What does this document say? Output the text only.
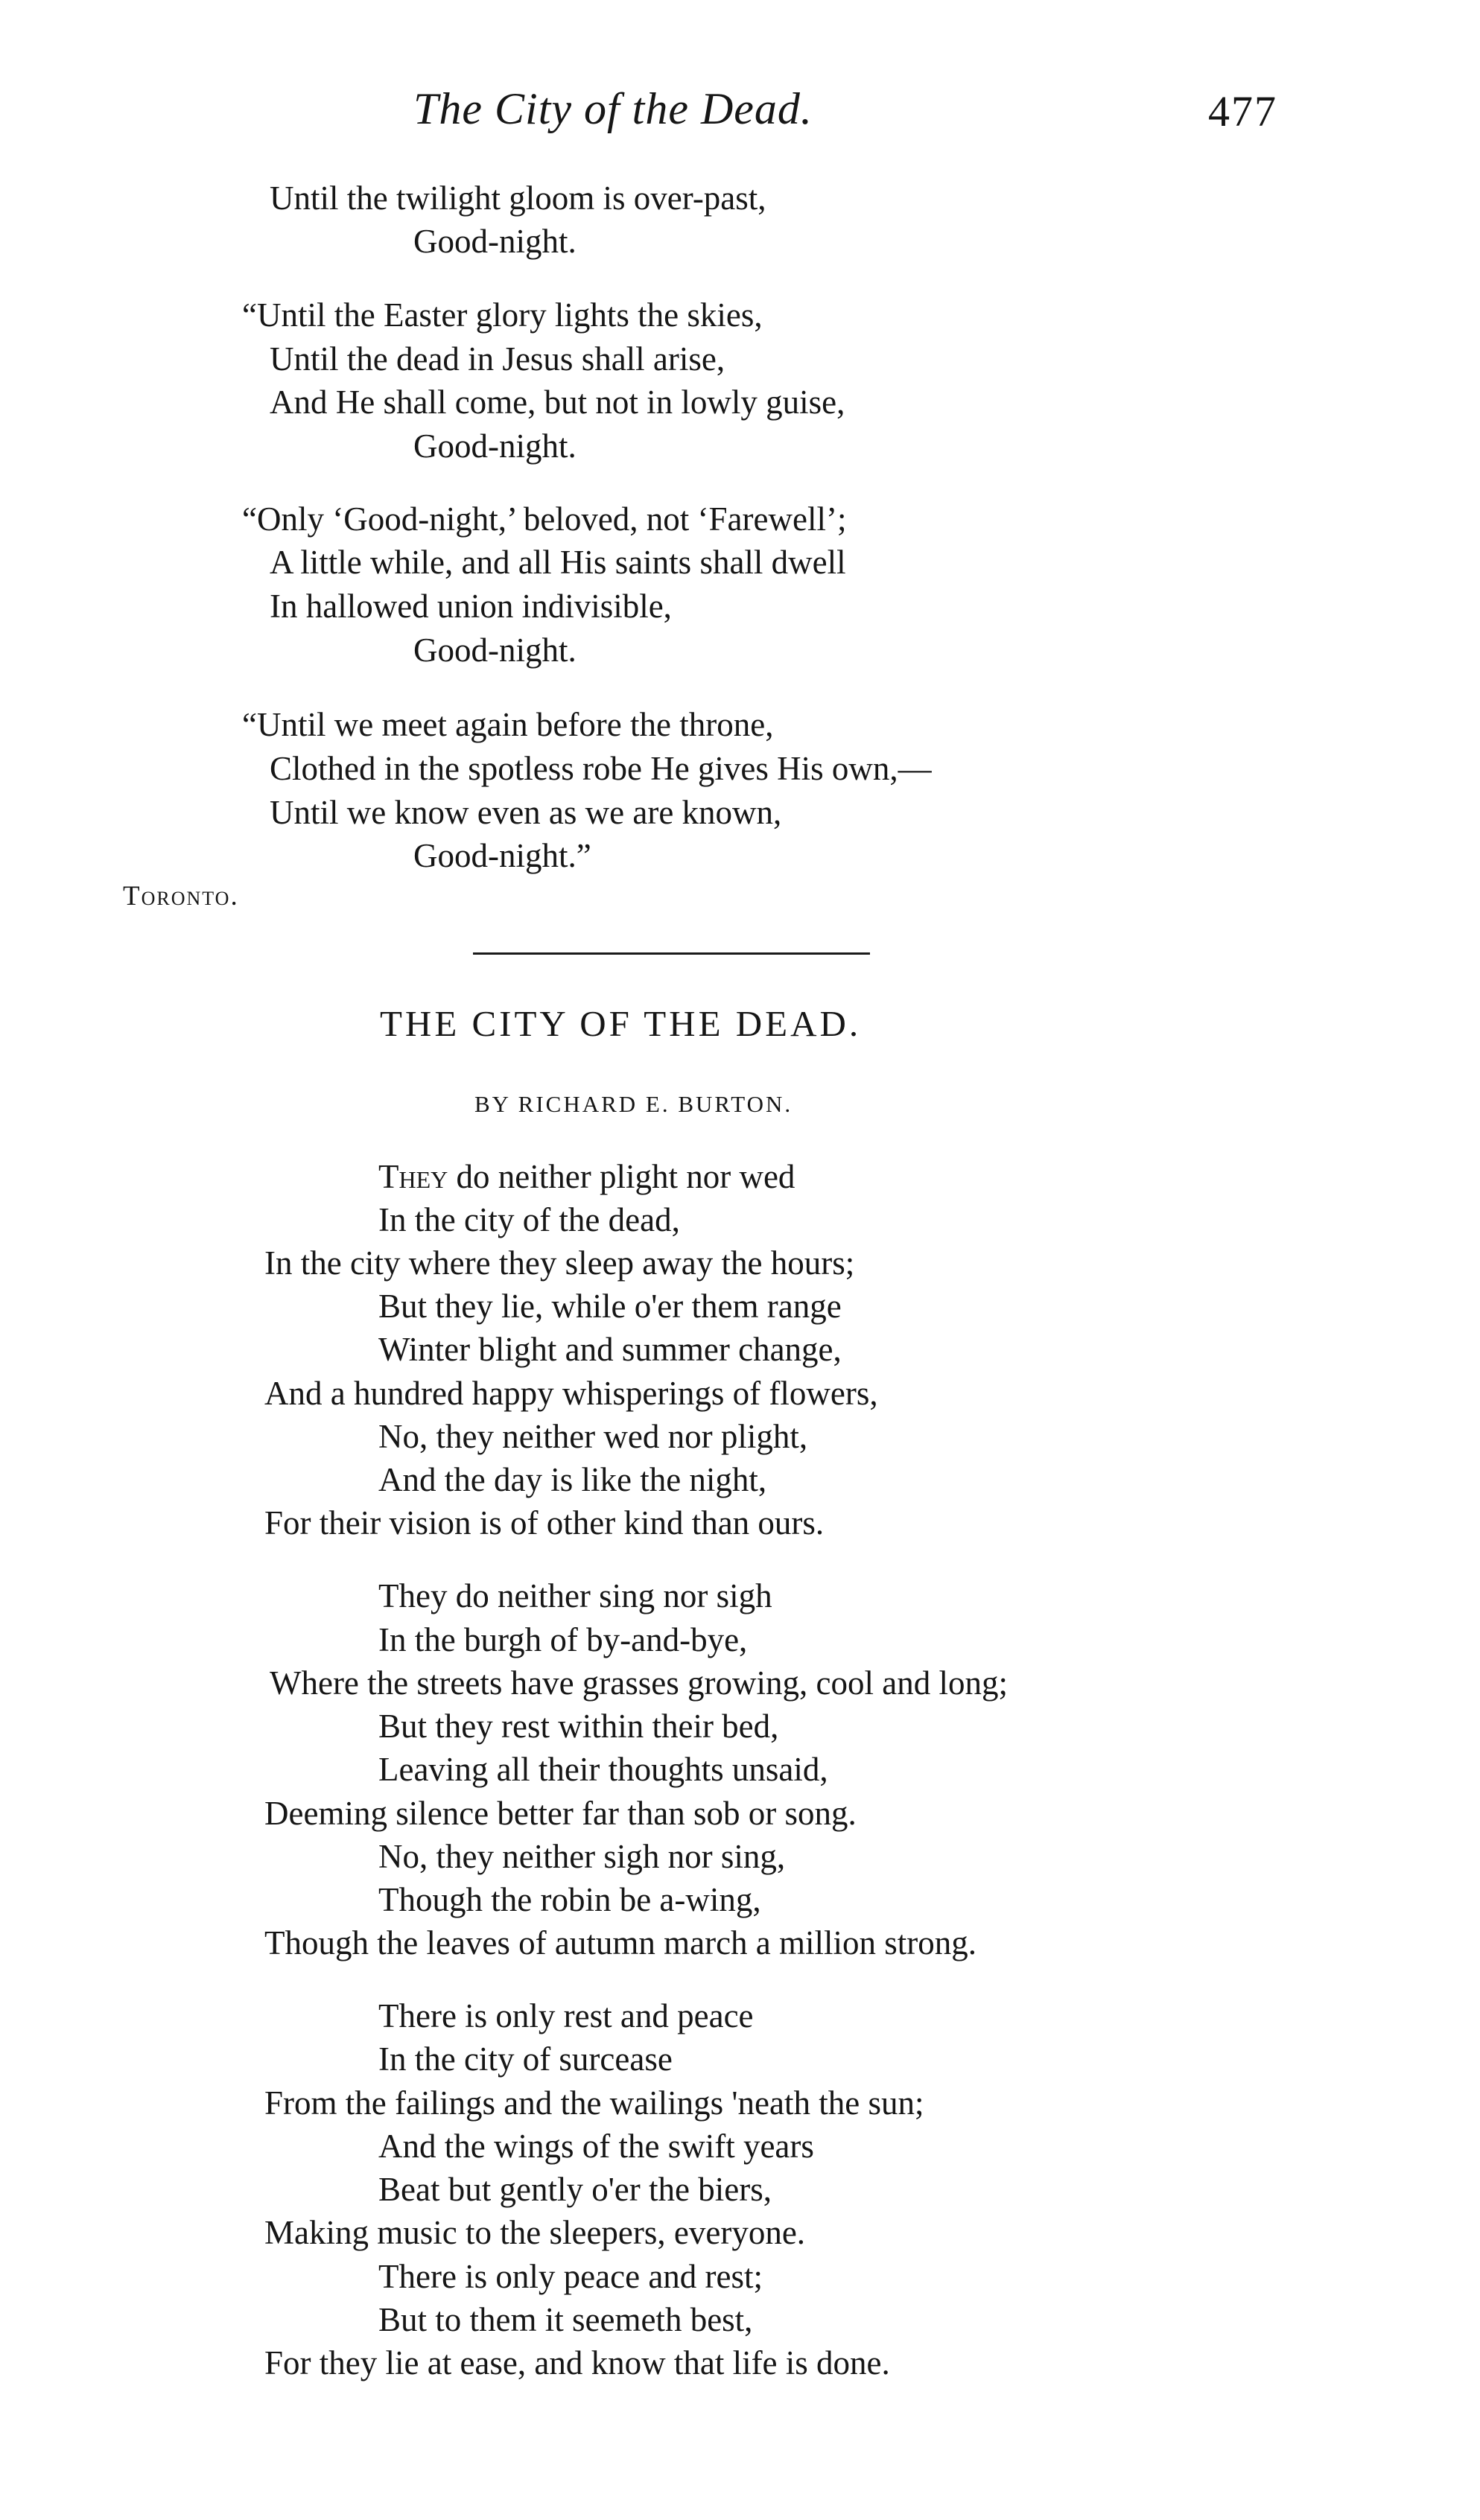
The City of the Dead.	477
Until the twilight gloom is over-past,
Good-night.
“Until the Easter glory lights the skies,
Until the dead in Jesus shall arise,
And He shall come, but not in lowly guise,
Good-night.
“Only ‘Good-night,’ beloved, not ‘Farewell’;
A little while, and all His saints shall dwell
In hallowed union indivisible,
Good-night.
“Until we meet again before the throne,
Clothed in the spotless robe He gives His own,—
Until we know even as we are known,
Good-night.”
Toronto.
THE CITY OF THE DEAD.
BY RICHARD E. BURTON.
They do neither plight nor wed
In the city of the dead,
In the city where they sleep away the hours;
But they lie, while o'er them range
Winter blight and summer change,
And a hundred happy whisperings of flowers,
No, they neither wed nor plight,
And the day is like the night,
For their vision is of other kind than ours.
They do neither sing nor sigh
In the burgh of by-and-bye,
Where the streets have grasses growing, cool and long;
But they rest within their bed,
Leaving all their thoughts unsaid,
Deeming silence better far than sob or song.
No, they neither sigh nor sing,
Though the robin be a-wing,
Though the leaves of autumn march a million strong.
There is only rest and peace
In the city of surcease
From the failings and the wailings 'neath the sun;
And the wings of the swift years
Beat but gently o'er the biers,
Making music to the sleepers, everyone.
There is only peace and rest;
But to them it seemeth best,
For they lie at ease, and know that life is done.
